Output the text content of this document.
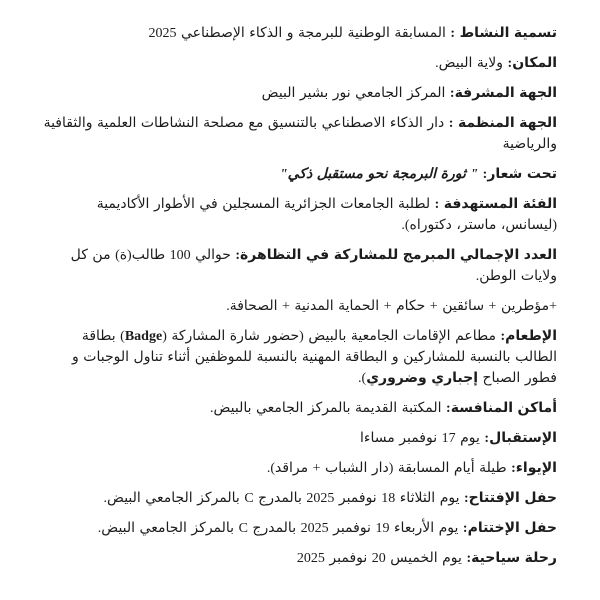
تسمية النشاط : المسابقة الوطنية للبرمجة و الذكاء الإصطناعي 2025

المكان: ولاية البيض.

الجهة المشرفة: المركز الجامعي نور بشير البيض

الجهة المنظمة : دار الذكاء الاصطناعي بالتنسيق مع مصلحة النشاطات العلمية والثقافية والرياضية

تحت شعار: " ثورة البرمجة نحو مستقبل ذكي"

الفئة المستهدفة : لطلبة الجامعات الجزائرية المسجلين في الأطوار الأكاديمية (ليسانس، ماستر، دكتوراه).

العدد الإجمالي المبرمج للمشاركة في التظاهرة: حوالي 100 طالب(ة) من كل ولايات الوطن.

+مؤطرين + سائقين + حكام + الحماية المدنية + الصحافة.

الإطعام: مطاعم الإقامات الجامعية بالبيض (حضور شارة المشاركة (Badge) بطاقة الطالب بالنسبة للمشاركين و البطاقة المهنية بالنسبة للموظفين أثناء تناول الوجبات و فطور الصباح إجباري وضروري).

أماكن المنافسة: المكتبة القديمة بالمركز الجامعي بالبيض.

الإستقبال: يوم 17 نوفمبر مساءا

الإيواء: طيلة أيام المسابقة (دار الشباب + مراقد).

حفل الإفتتاح: يوم الثلاثاء 18 نوفمبر 2025 بالمدرج C بالمركز الجامعي البيض.

حفل الإختتام: يوم الأربعاء 19 نوفمبر 2025 بالمدرج C بالمركز الجامعي البيض.

رحلة سياحية: يوم الخميس 20 نوفمبر 2025
